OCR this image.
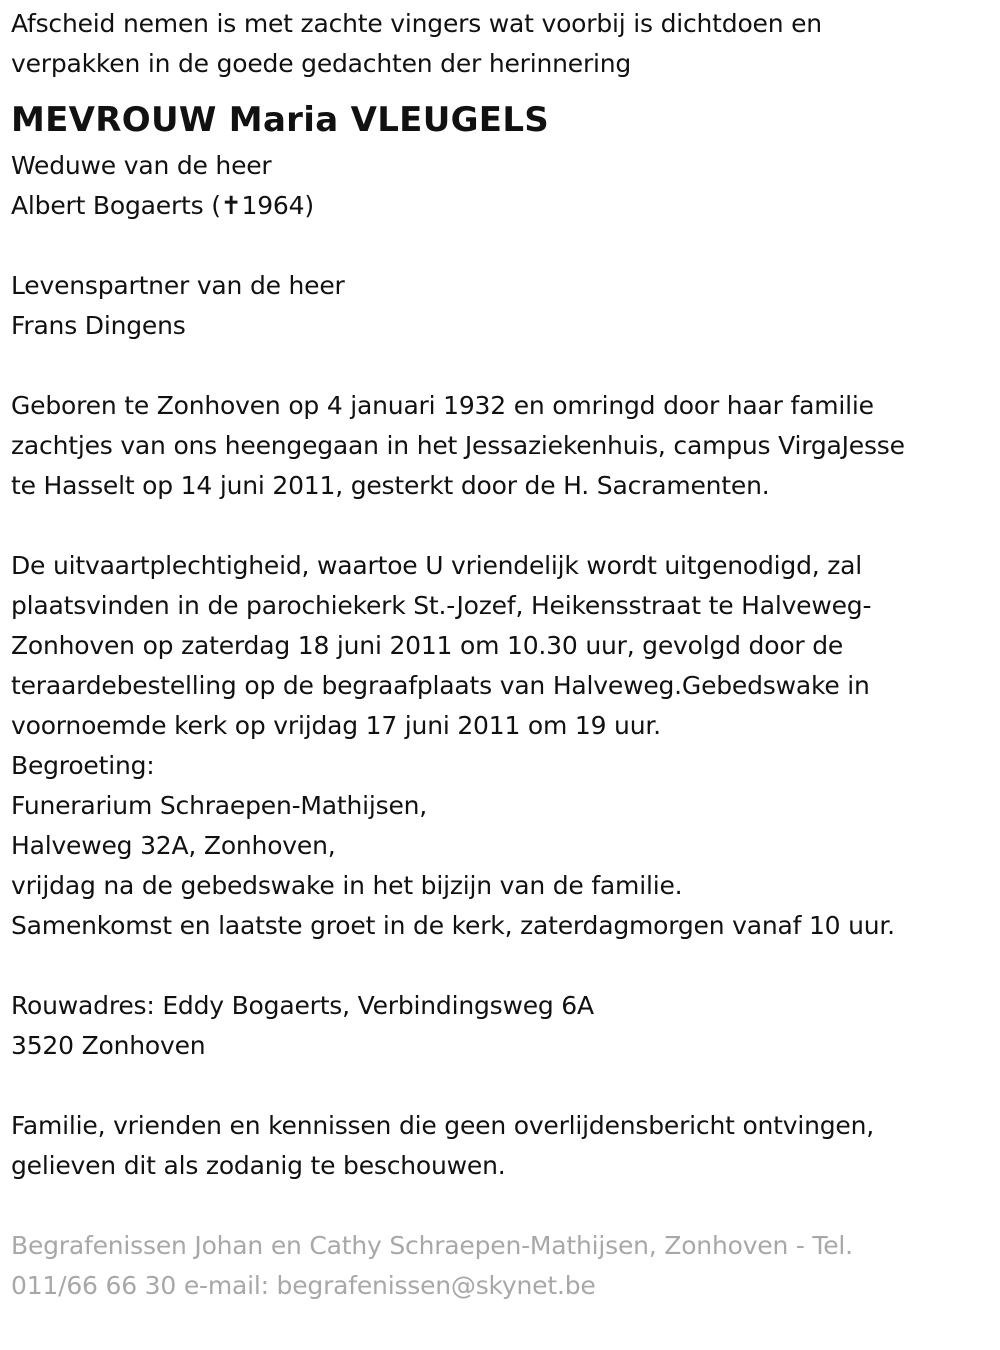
Afscheid nemen is met zachte vingers wat voorbij is dichtdoen en
verpakken in de goede gedachten der herinnering
MEVROUW Maria VLEUGELS
Weduwe van de heer
Albert Bogaerts (✝1964)
Levenspartner van de heer
Frans Dingens
Geboren te Zonhoven op 4 januari 1932 en omringd door haar familie
zachtjes van ons heengegaan in het Jessaziekenhuis, campus VirgaJesse
te Hasselt op 14 juni 2011, gesterkt door de H. Sacramenten.
De uitvaartplechtigheid, waartoe U vriendelijk wordt uitgenodigd, zal
plaatsvinden in de parochiekerk St.-Jozef, Heikensstraat te Halveweg-
Zonhoven op zaterdag 18 juni 2011 om 10.30 uur, gevolgd door de
teraardebestelling op de begraafplaats van Halveweg.Gebedswake in
voornoemde kerk op vrijdag 17 juni 2011 om 19 uur.
Begroeting:
Funerarium Schraepen-Mathijsen,
Halveweg 32A, Zonhoven,
vrijdag na de gebedswake in het bijzijn van de familie.
Samenkomst en laatste groet in de kerk, zaterdagmorgen vanaf 10 uur.
Rouwadres: Eddy Bogaerts, Verbindingsweg 6A
3520 Zonhoven
Familie, vrienden en kennissen die geen overlijdensbericht ontvingen,
gelieven dit als zodanig te beschouwen.
Begrafenissen Johan en Cathy Schraepen-Mathijsen, Zonhoven - Tel.
011/66 66 30 e-mail: begrafenissen@skynet.be
